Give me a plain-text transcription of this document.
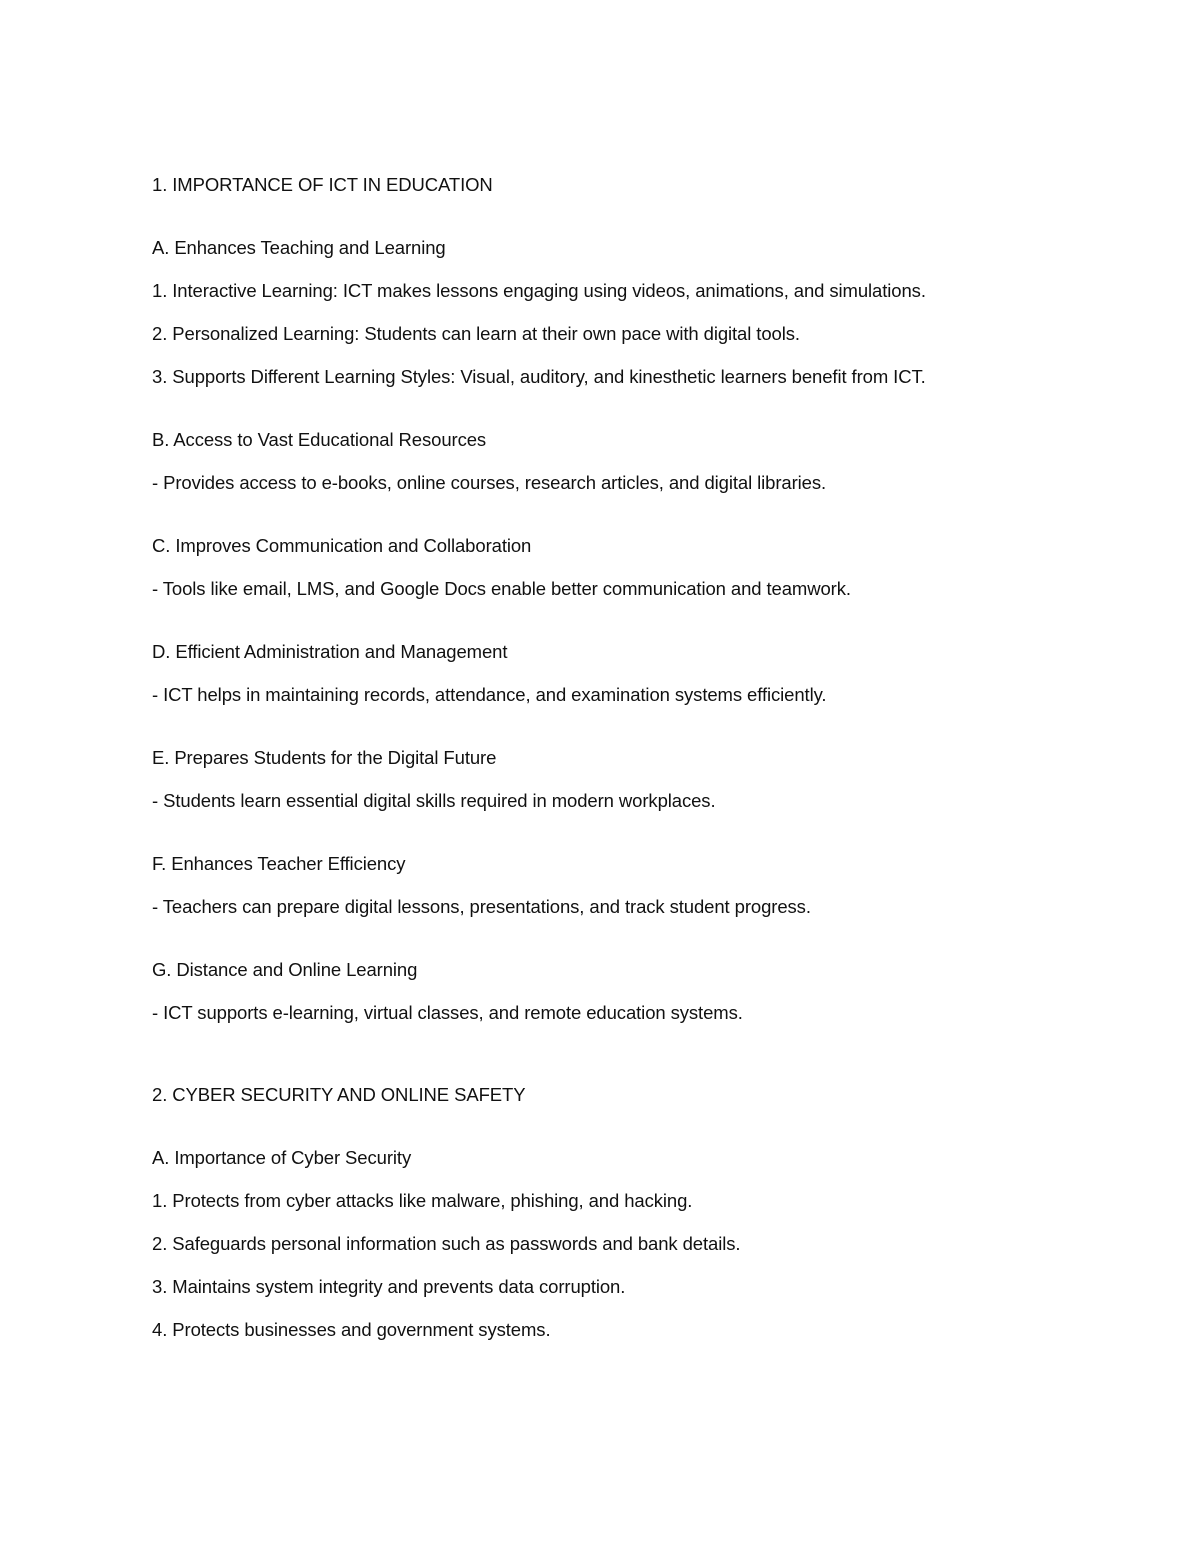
1. IMPORTANCE OF ICT IN EDUCATION
A. Enhances Teaching and Learning
1. Interactive Learning: ICT makes lessons engaging using videos, animations, and simulations.
2. Personalized Learning: Students can learn at their own pace with digital tools.
3. Supports Different Learning Styles: Visual, auditory, and kinesthetic learners benefit from ICT.
B. Access to Vast Educational Resources
- Provides access to e-books, online courses, research articles, and digital libraries.
C. Improves Communication and Collaboration
- Tools like email, LMS, and Google Docs enable better communication and teamwork.
D. Efficient Administration and Management
- ICT helps in maintaining records, attendance, and examination systems efficiently.
E. Prepares Students for the Digital Future
- Students learn essential digital skills required in modern workplaces.
F. Enhances Teacher Efficiency
- Teachers can prepare digital lessons, presentations, and track student progress.
G. Distance and Online Learning
- ICT supports e-learning, virtual classes, and remote education systems.
2. CYBER SECURITY AND ONLINE SAFETY
A. Importance of Cyber Security
1. Protects from cyber attacks like malware, phishing, and hacking.
2. Safeguards personal information such as passwords and bank details.
3. Maintains system integrity and prevents data corruption.
4. Protects businesses and government systems.
